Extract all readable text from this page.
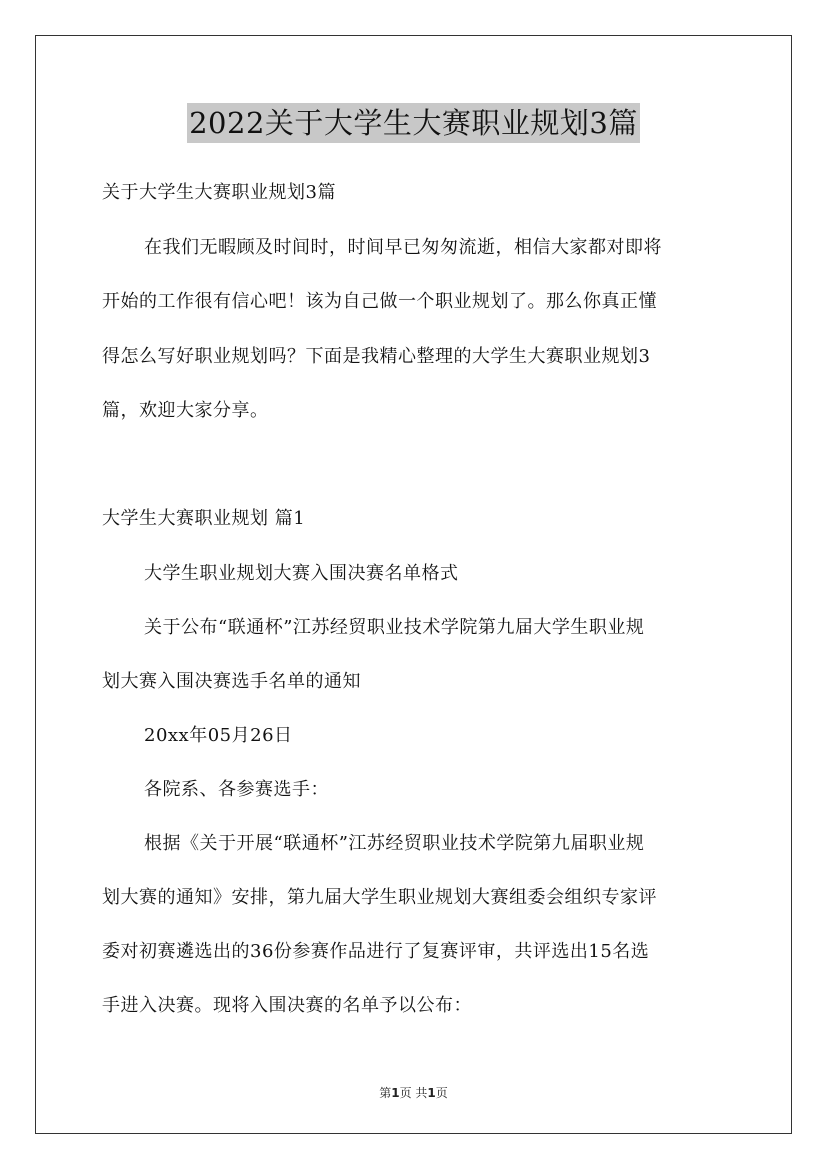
2022关于大学生大赛职业规划3篇
关于大学生大赛职业规划3篇
在我们无暇顾及时间时，时间早已匆匆流逝，相信大家都对即将
开始的工作很有信心吧！该为自己做一个职业规划了。那么你真正懂
得怎么写好职业规划吗？下面是我精心整理的大学生大赛职业规划3
篇，欢迎大家分享。
大学生大赛职业规划 篇1
大学生职业规划大赛入围决赛名单格式
关于公布“联通杯”江苏经贸职业技术学院第九届大学生职业规
划大赛入围决赛选手名单的通知
20xx年05月26日
各院系、各参赛选手：
根据《关于开展“联通杯”江苏经贸职业技术学院第九届职业规
划大赛的通知》安排，第九届大学生职业规划大赛组委会组织专家评
委对初赛遴选出的36份参赛作品进行了复赛评审，共评选出15名选
手进入决赛。现将入围决赛的名单予以公布：
第1页 共1页
